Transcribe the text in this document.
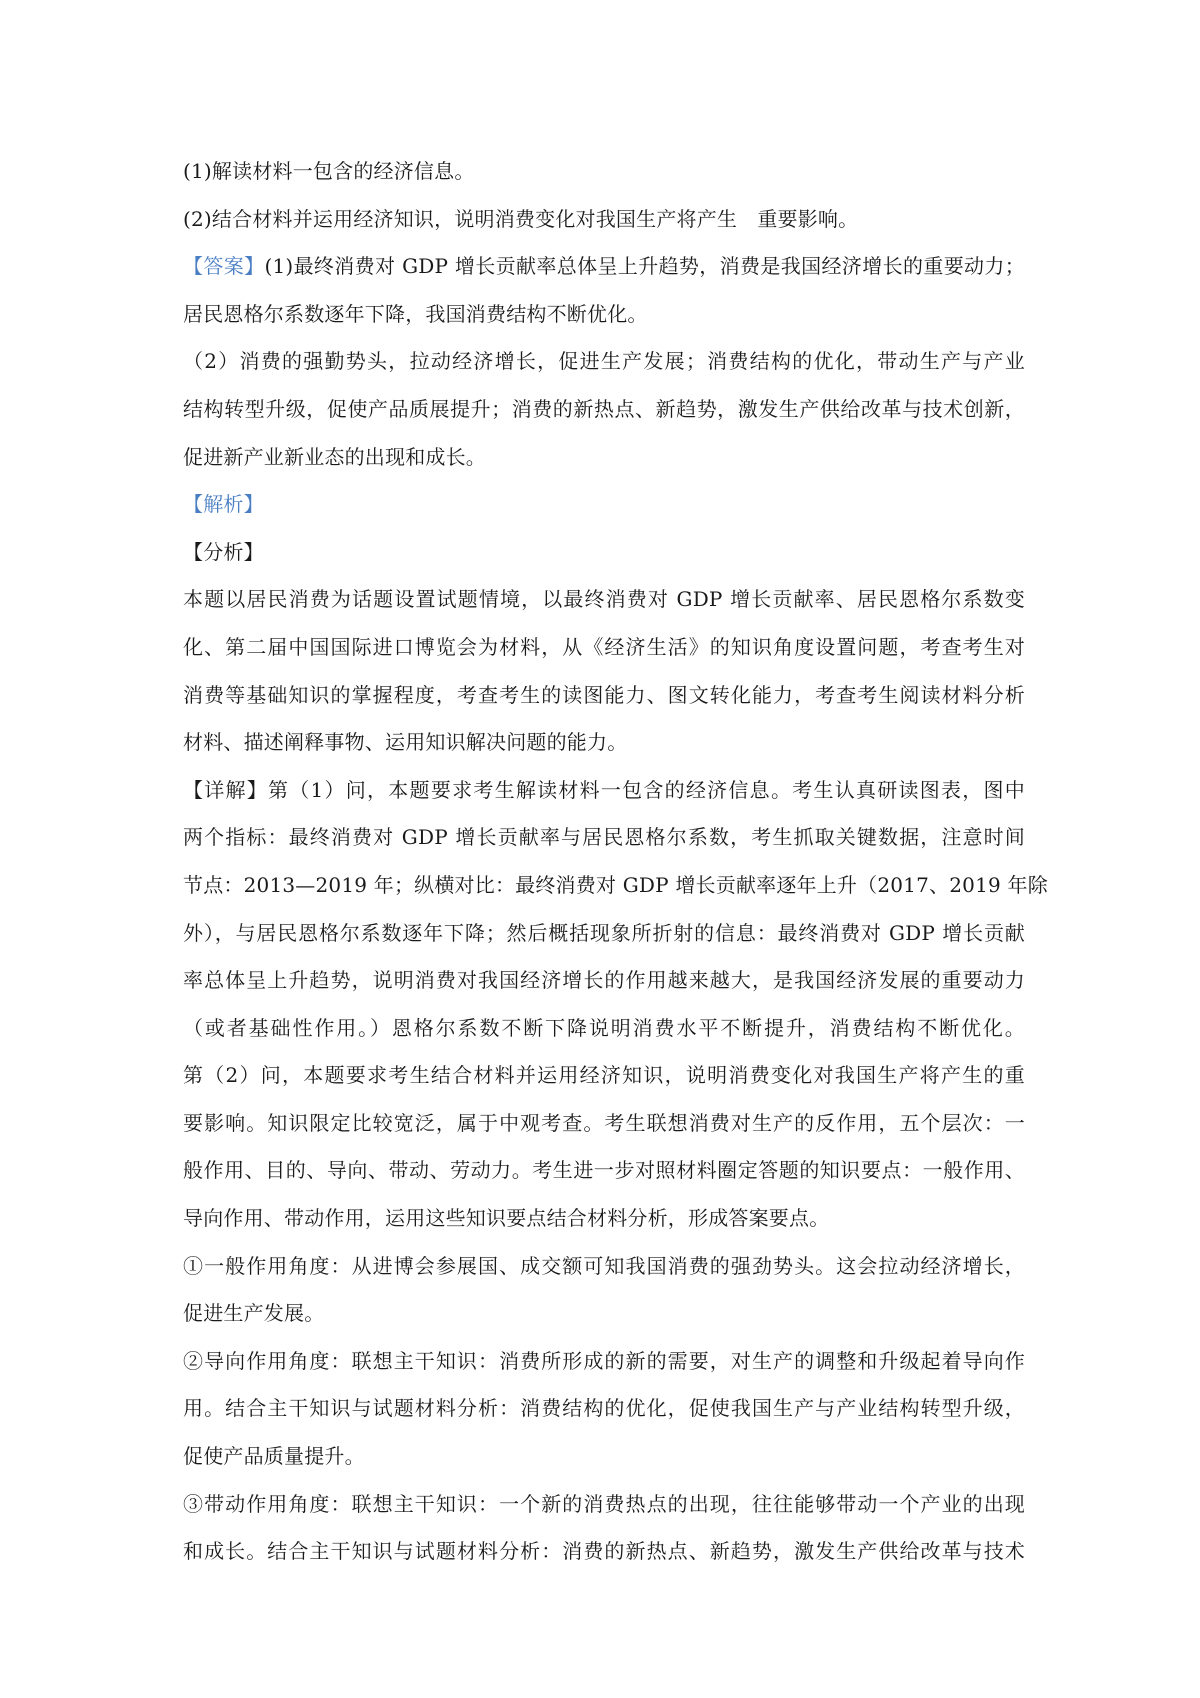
(1)解读材料一包含的经济信息。
(2)结合材料并运用经济知识，说明消费变化对我国生产将产生　重要影响。
【答案】(1)最终消费对 GDP 增长贡献率总体呈上升趋势，消费是我国经济增长的重要动力；
居民恩格尔系数逐年下降，我国消费结构不断优化。
（2）消费的强勤势头，拉动经济增长，促进生产发展；消费结构的优化，带动生产与产业
结构转型升级，促使产品质展提升；消费的新热点、新趋势，激发生产供给改革与技术创新，
促进新产业新业态的出现和成长。
【解析】
【分析】
本题以居民消费为话题设置试题情境，以最终消费对 GDP 增长贡献率、居民恩格尔系数变
化、第二届中国国际进口博览会为材料，从《经济生活》的知识角度设置问题，考查考生对
消费等基础知识的掌握程度，考查考生的读图能力、图文转化能力，考查考生阅读材料分析
材料、描述阐释事物、运用知识解决问题的能力。
【详解】第（1）问，本题要求考生解读材料一包含的经济信息。考生认真研读图表，图中
两个指标：最终消费对 GDP 增长贡献率与居民恩格尔系数，考生抓取关键数据，注意时间
节点：2013—2019 年；纵横对比：最终消费对 GDP 增长贡献率逐年上升（2017、2019 年除
外），与居民恩格尔系数逐年下降；然后概括现象所折射的信息：最终消费对 GDP 增长贡献
率总体呈上升趋势，说明消费对我国经济增长的作用越来越大，是我国经济发展的重要动力
（或者基础性作用。）恩格尔系数不断下降说明消费水平不断提升，消费结构不断优化。
第（2）问，本题要求考生结合材料并运用经济知识，说明消费变化对我国生产将产生的重
要影响。知识限定比较宽泛，属于中观考查。考生联想消费对生产的反作用，五个层次：一
般作用、目的、导向、带动、劳动力。考生进一步对照材料圈定答题的知识要点：一般作用、
导向作用、带动作用，运用这些知识要点结合材料分析，形成答案要点。
①一般作用角度：从进博会参展国、成交额可知我国消费的强劲势头。这会拉动经济增长，
促进生产发展。
②导向作用角度：联想主干知识：消费所形成的新的需要，对生产的调整和升级起着导向作
用。结合主干知识与试题材料分析：消费结构的优化，促使我国生产与产业结构转型升级，
促使产品质量提升。
③带动作用角度：联想主干知识：一个新的消费热点的出现，往往能够带动一个产业的出现
和成长。结合主干知识与试题材料分析：消费的新热点、新趋势，激发生产供给改革与技术
